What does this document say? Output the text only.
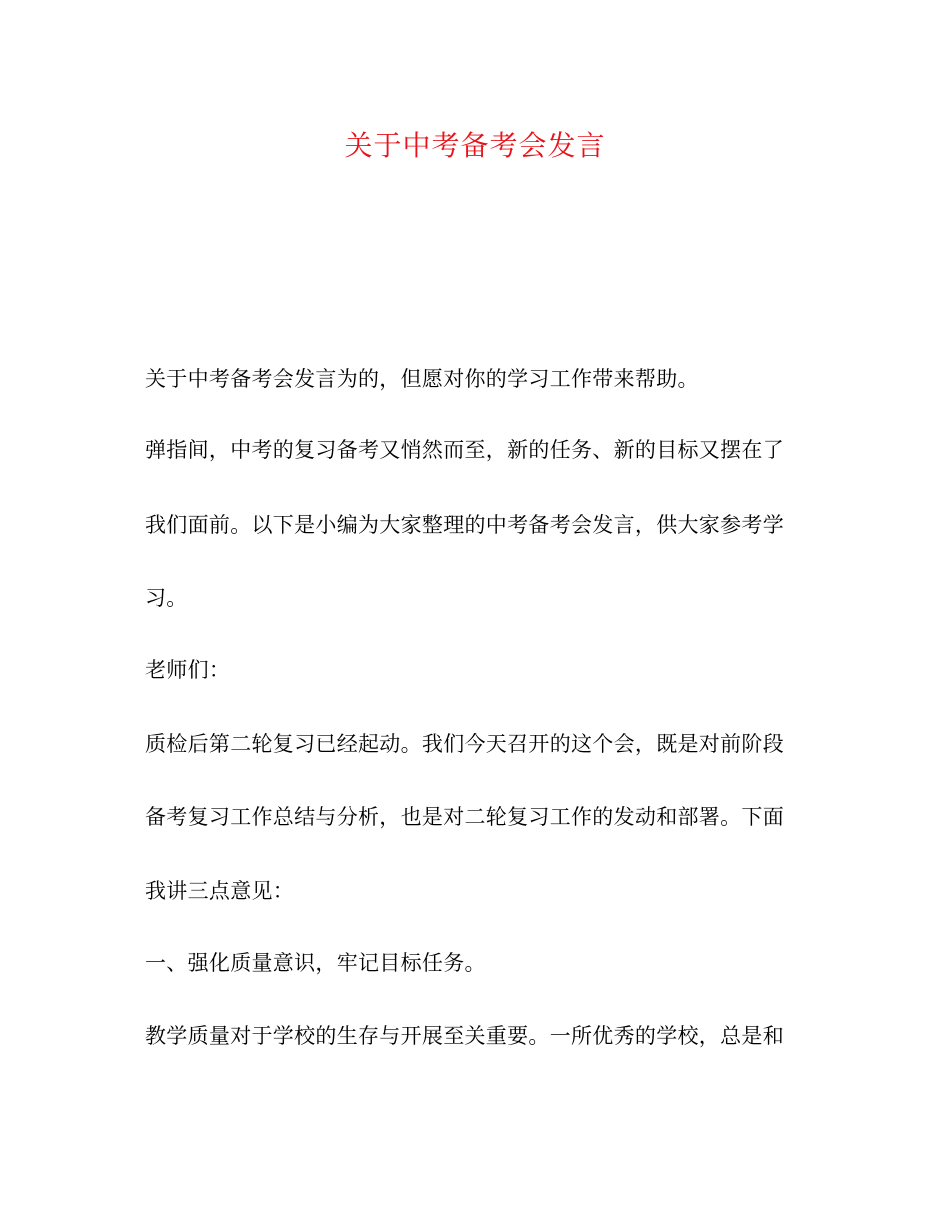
关于中考备考会发言
关于中考备考会发言为的，但愿对你的学习工作带来帮助。
弹指间，中考的复习备考又悄然而至，新的任务、新的目标又摆在了
我们面前。以下是小编为大家整理的中考备考会发言，供大家参考学
习。
老师们：
质检后第二轮复习已经起动。我们今天召开的这个会，既是对前阶段
备考复习工作总结与分析，也是对二轮复习工作的发动和部署。下面
我讲三点意见：
一、强化质量意识，牢记目标任务。
教学质量对于学校的生存与开展至关重要。一所优秀的学校，总是和
